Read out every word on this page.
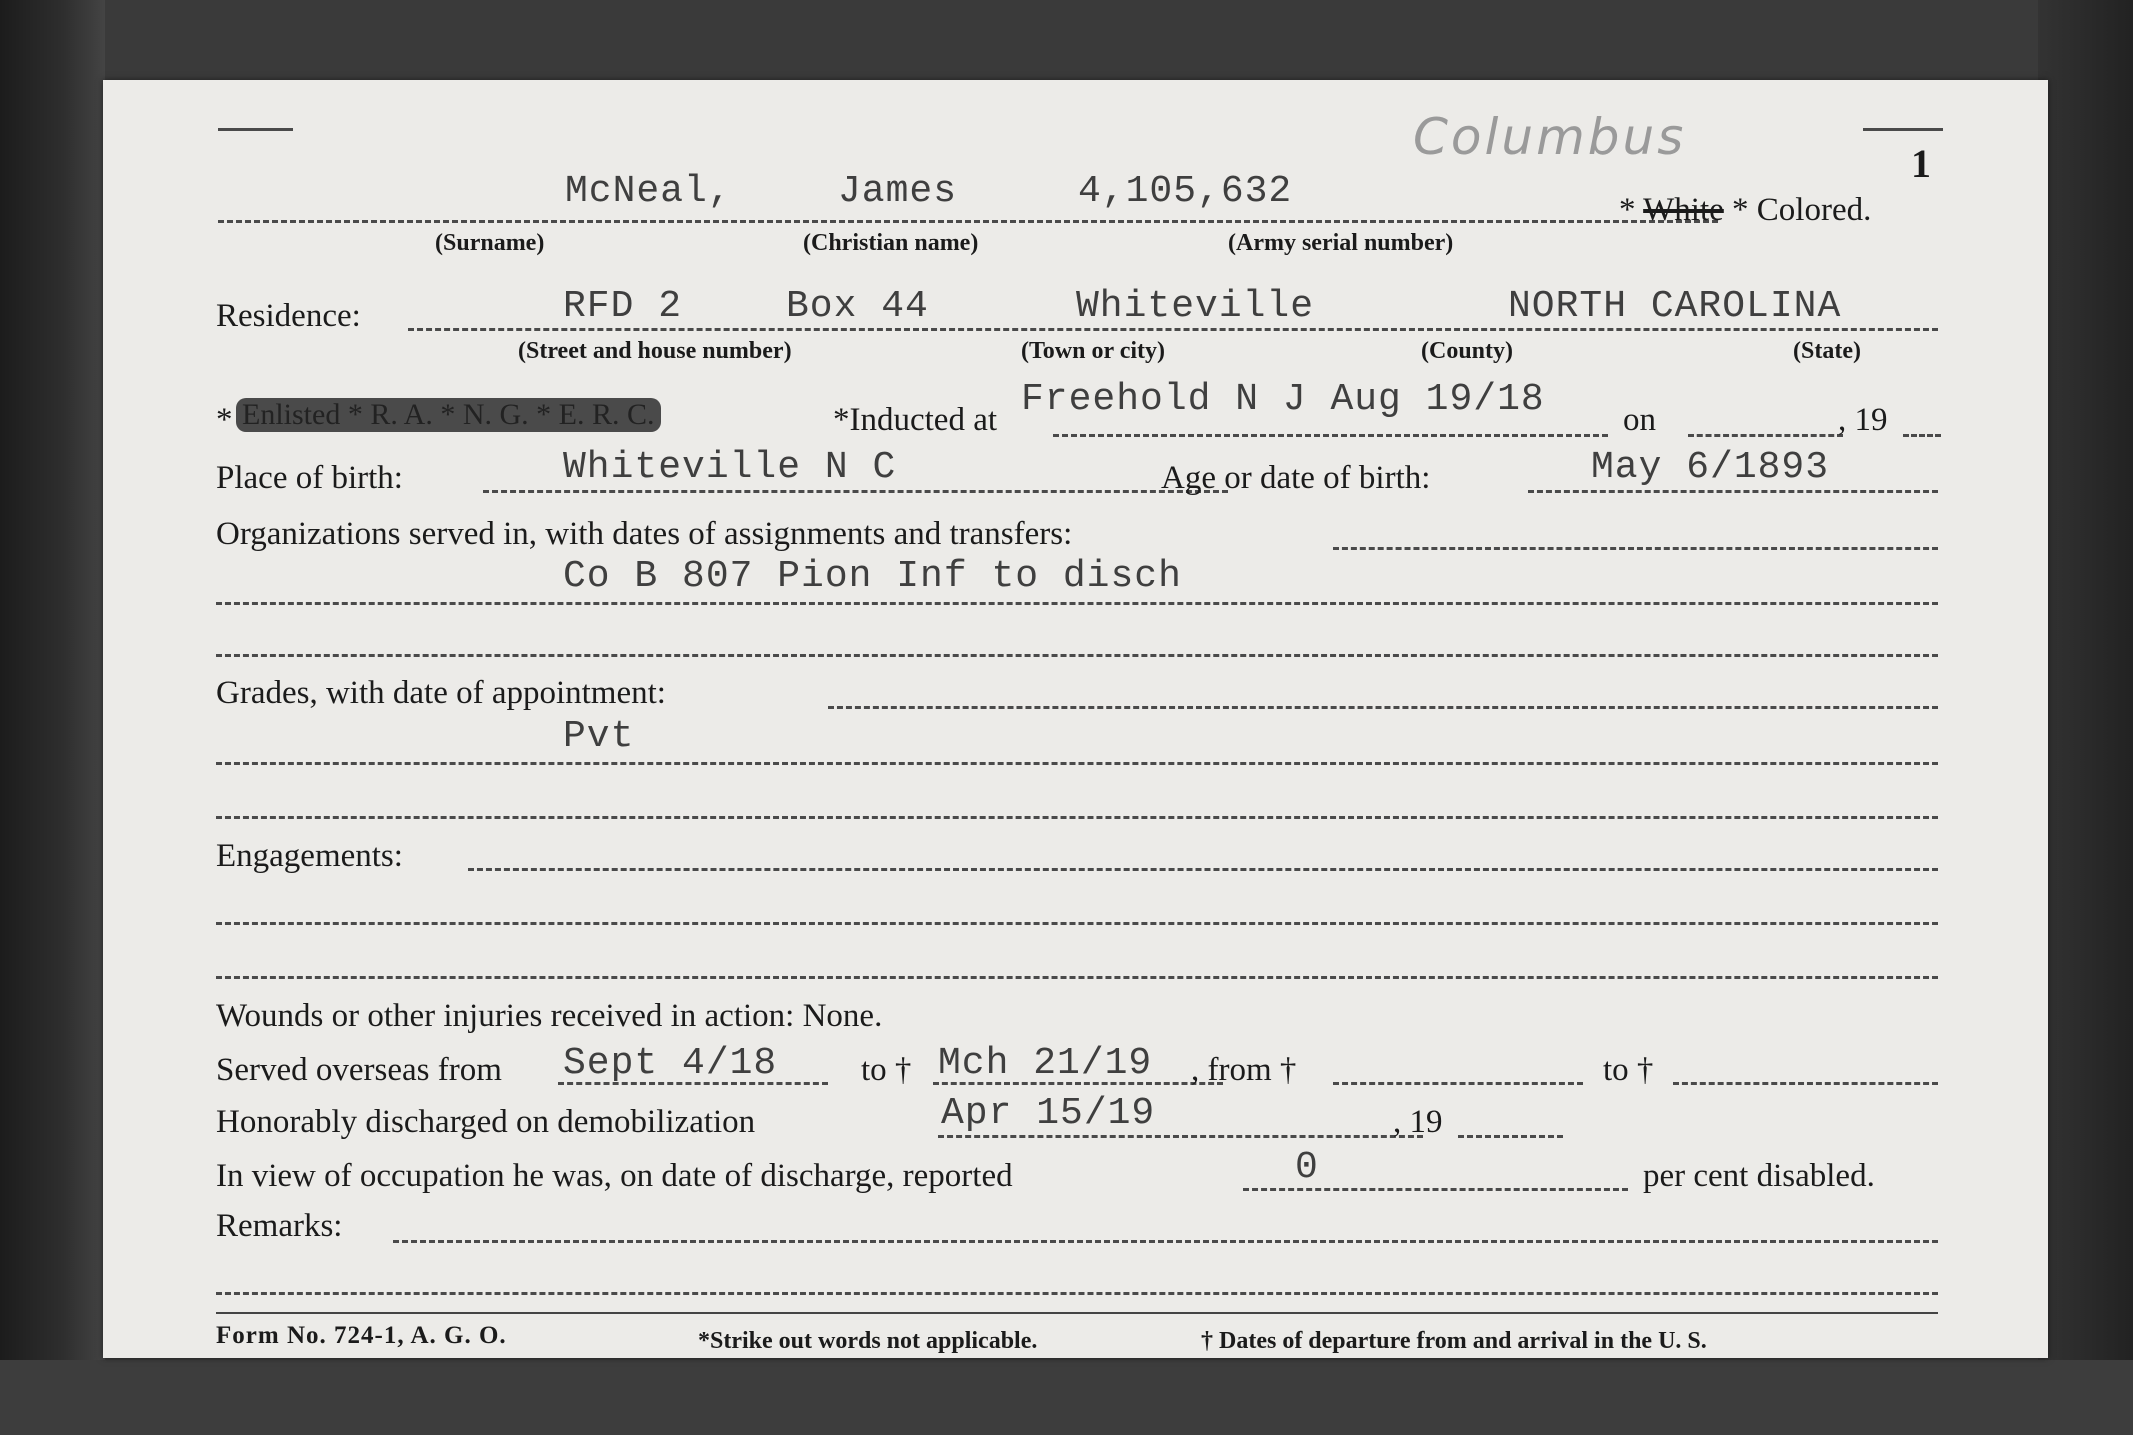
Columbus	1
McNeal,	James	4,105,632	* White * Colored.
(Surname)	(Christian name)	(Army serial number)
Residence:	RFD 2	Box 44	Whiteville	NORTH CAROLINA
(Street and house number)	(Town or city)	(County)	(State)
* Enlisted * R. A. * N. G. * E. R. C.	*Inducted at Freehold N J Aug 19/18 on	, 19
Place of birth:	Whiteville N C	Age or date of birth:	May 6/1893
Organizations served in, with dates of assignments and transfers:
Co B 807 Pion Inf to disch
Grades, with date of appointment:
Pvt
Engagements:
Wounds or other injuries received in action: None.
Served overseas from Sept 4/18	to † Mch 21/19 , from †	to †
Honorably discharged on demobilization	Apr 15/19	, 19
In view of occupation he was, on date of discharge, reported	0	per cent disabled.
Remarks:
Form No. 724-1, A. G. O.	*Strike out words not applicable.	† Dates of departure from and arrival in the U. S.
